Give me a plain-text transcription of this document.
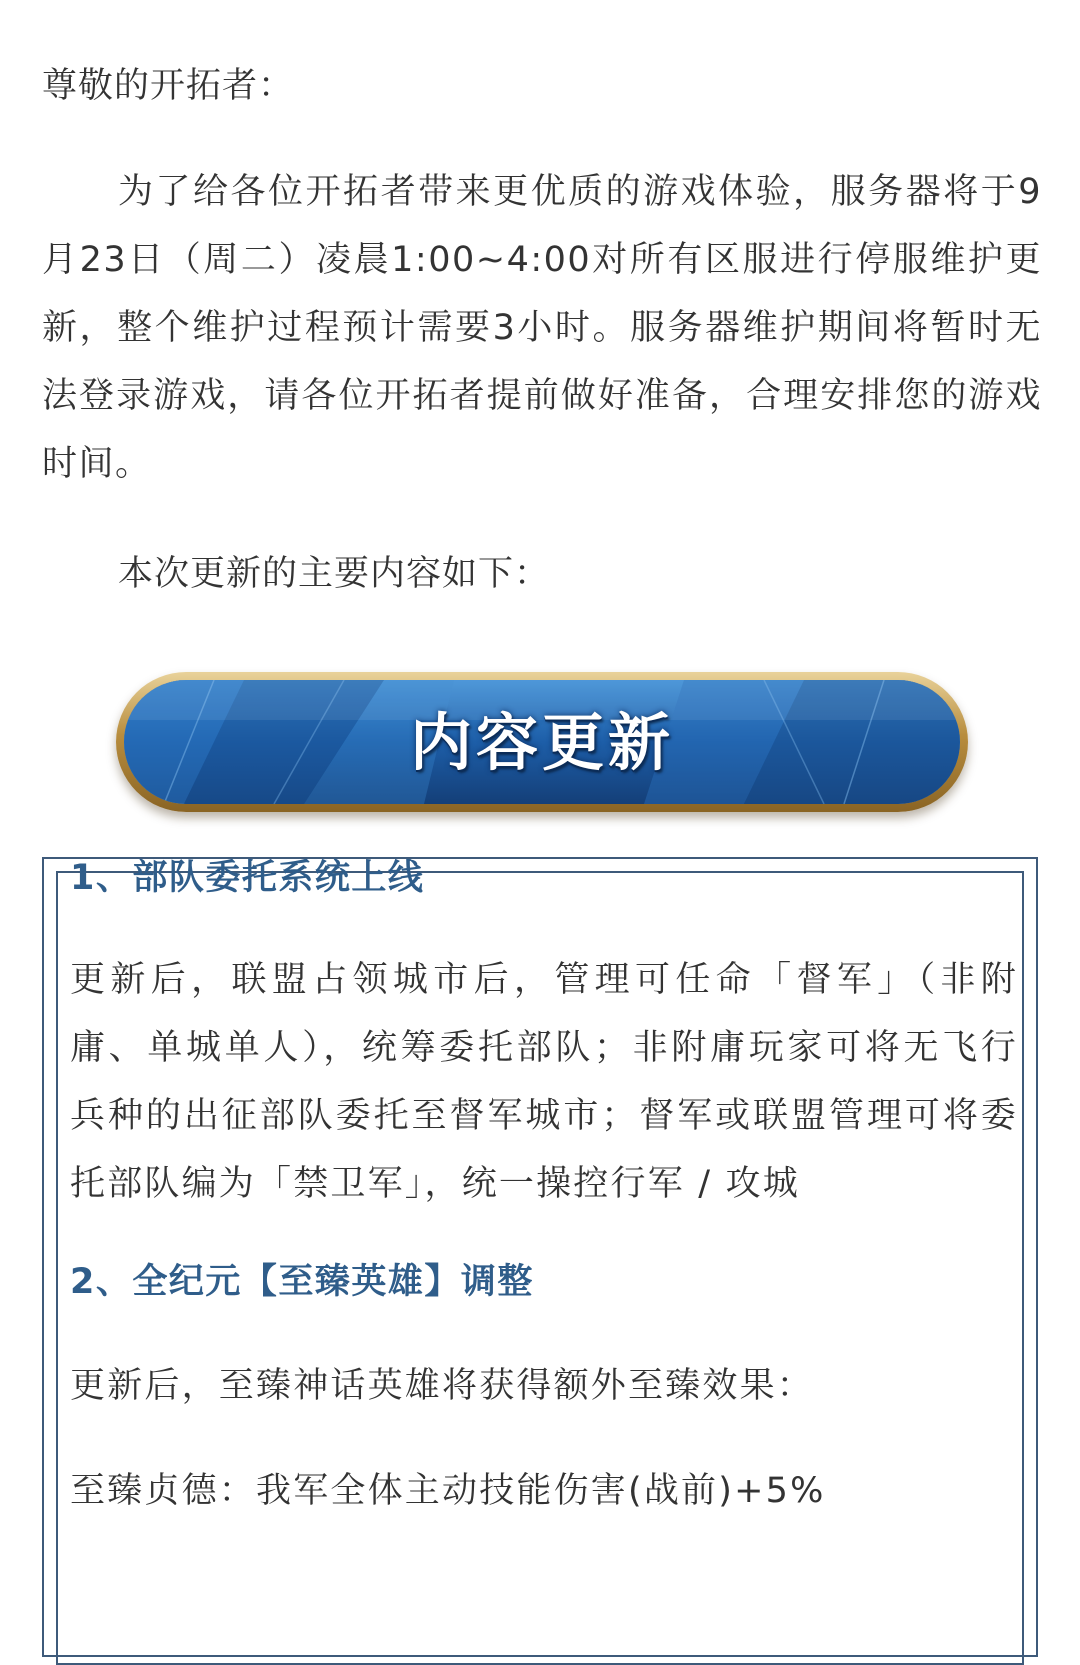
尊敬的开拓者：

为了给各位开拓者带来更优质的游戏体验，服务器将于9月23日（周二）凌晨1:00~4:00对所有区服进行停服维护更新，整个维护过程预计需要3小时。服务器维护期间将暂时无法登录游戏，请各位开拓者提前做好准备，合理安排您的游戏时间。

本次更新的主要内容如下：
内容更新
1、部队委托系统上线

更新后，联盟占领城市后，管理可任命「督军」（非附庸、单城单人），统筹委托部队；非附庸玩家可将无飞行兵种的出征部队委托至督军城市；督军或联盟管理可将委托部队编为「禁卫军」，统一操控行军 / 攻城

2、全纪元【至臻英雄】调整

更新后，至臻神话英雄将获得额外至臻效果：

至臻贞德：我军全体主动技能伤害(战前)+5%
